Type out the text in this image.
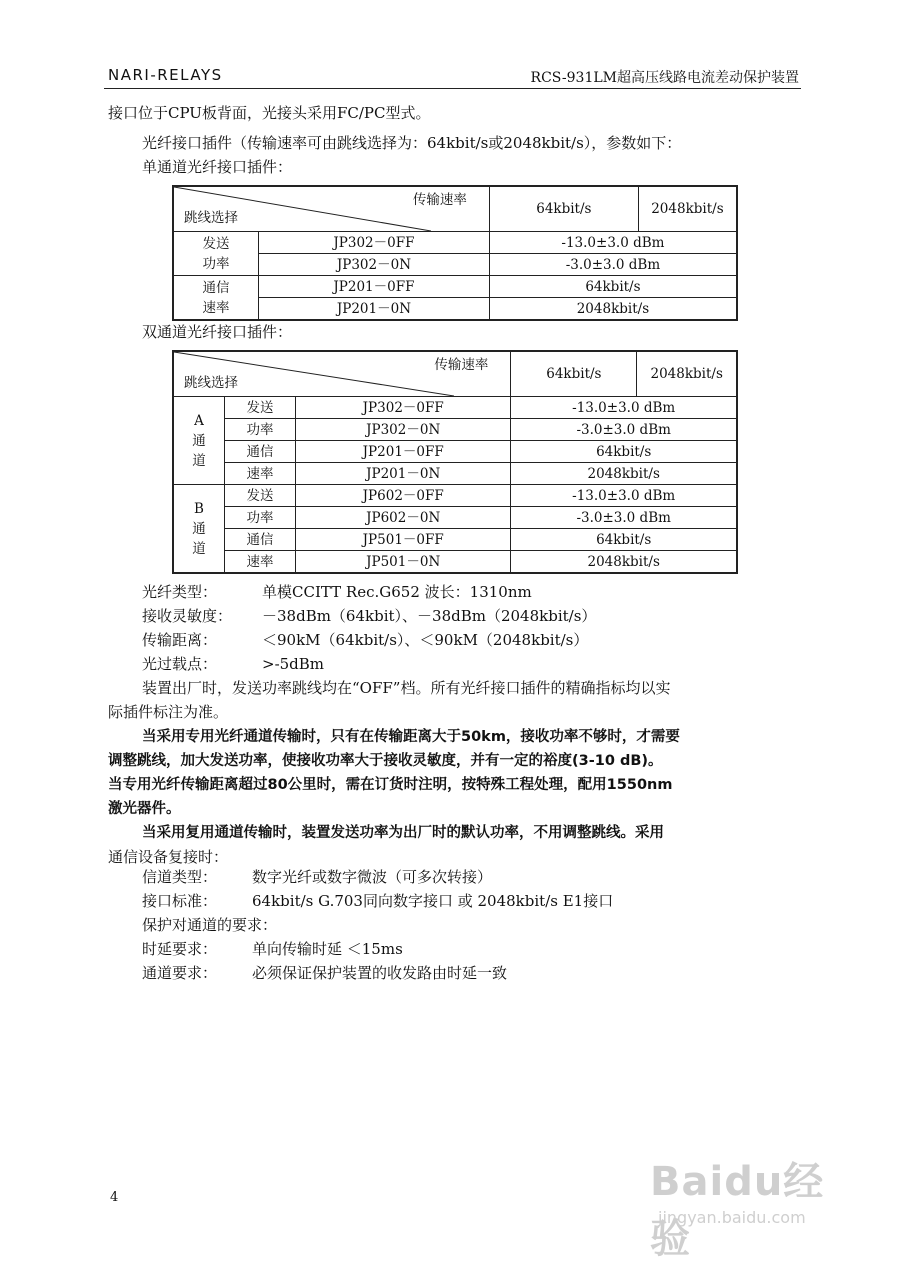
NARI-RELAYS	RCS-931LM超高压线路电流差动保护装置
接口位于CPU板背面，光接头采用FC/PC型式。
光纤接口插件（传输速率可由跳线选择为：64kbit/s或2048kbit/s），参数如下：
单通道光纤接口插件：
传输速率
跳线选择		64kbit/s	2048kbit/s

发送
功率	JP302－0FF	-13.0±3.0 dBm	
	JP302－0N	-3.0±3.0 dBm	

通信
速率	JP201－0FF	64kbit/s	
	JP201－0N	2048kbit/s	
双通道光纤接口插件：
传输速率
跳线选择			64kbit/s	2048kbit/s

A
通
道	发送	JP302－0FF	-13.0±3.0 dBm	
	功率	JP302－0N	-3.0±3.0 dBm	
	通信	JP201－0FF	64kbit/s	
	速率	JP201－0N	2048kbit/s	

B
通
道	发送	JP602－0FF	-13.0±3.0 dBm	
	功率	JP602－0N	-3.0±3.0 dBm	
	通信	JP501－0FF	64kbit/s	
	速率	JP501－0N	2048kbit/s	
光纤类型：	单模CCITT Rec.G652 波长：1310nm
接收灵敏度： －38dBm（64kbit）、－38dBm（2048kbit/s）
传输距离：	＜90kM（64kbit/s）、＜90kM（2048kbit/s）
光过载点：	>-5dBm
装置出厂时，发送功率跳线均在“OFF”档。所有光纤接口插件的精确指标均以实
际插件标注为准。
当采用专用光纤通道传输时，只有在传输距离大于50km，接收功率不够时，才需要
调整跳线，加大发送功率，使接收功率大于接收灵敏度，并有一定的裕度(3-10 dB)。
当专用光纤传输距离超过80公里时，需在订货时注明，按特殊工程处理，配用1550nm
激光器件。
当采用复用通道传输时，装置发送功率为出厂时的默认功率，不用调整跳线。采用
通信设备复接时：
信道类型： 数字光纤或数字微波（可多次转接）
接口标准： 64kbit/s G.703同向数字接口 或 2048kbit/s E1接口
保护对通道的要求：
时延要求： 单向传输时延 ＜15ms
通道要求： 必须保证保护装置的收发路由时延一致
4	Baidu经验
jingyan.baidu.com
